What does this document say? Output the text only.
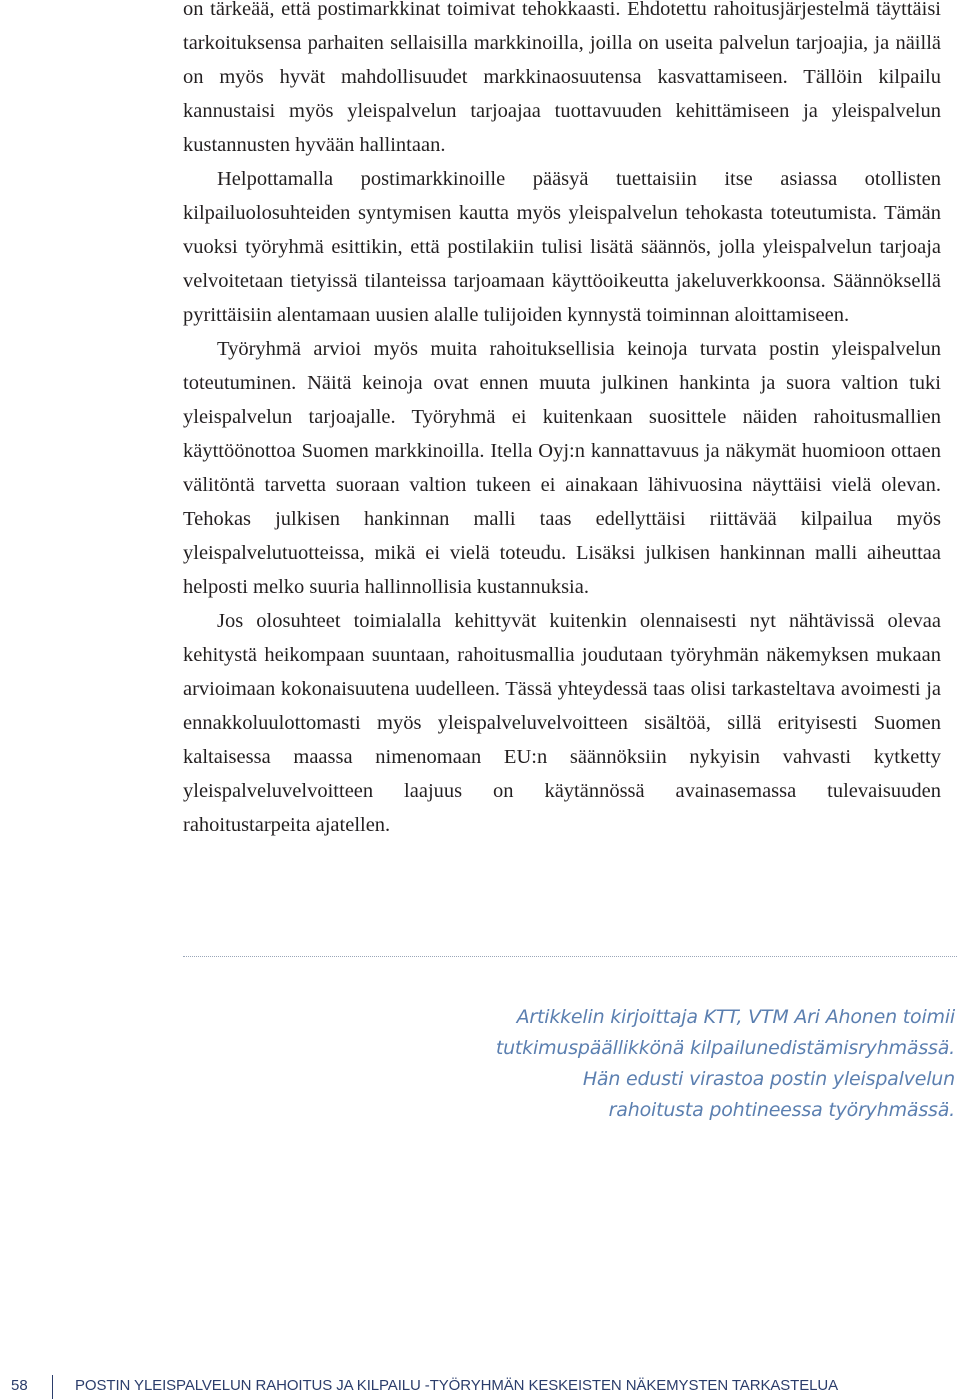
on tärkeää, että postimarkkinat toimivat tehokkaasti. Ehdotettu rahoitusjärjestelmä täyttäisi tarkoituksensa parhaiten sellaisilla markkinoilla, joilla on useita palvelun tarjoajia, ja näillä on myös hyvät mahdollisuudet markkinaosuutensa kasvattamiseen. Tällöin kilpailu kannustaisi myös yleispalvelun tarjoajaa tuottavuuden kehittämiseen ja yleispalvelun kustannusten hyvään hallintaan.

Helpottamalla postimarkkinoille pääsyä tuettaisiin itse asiassa otollisten kilpailuolosuhteiden syntymisen kautta myös yleispalvelun tehokasta toteutumista. Tämän vuoksi työryhmä esittikin, että postilakiin tulisi lisätä säännös, jolla yleispalvelun tarjoaja velvoitetaan tietyissä tilanteissa tarjoamaan käyttöoikeutta jakeluverkkoonsa. Säännöksellä pyrittäisiin alentamaan uusien alalle tulijoiden kynnystä toiminnan aloittamiseen.

Työryhmä arvioi myös muita rahoituksellisia keinoja turvata postin yleispalvelun toteutuminen. Näitä keinoja ovat ennen muuta julkinen hankinta ja suora valtion tuki yleispalvelun tarjoajalle. Työryhmä ei kuitenkaan suosittele näiden rahoitusmallien käyttöönottoa Suomen markkinoilla. Itella Oyj:n kannattavuus ja näkymät huomioon ottaen välitöntä tarvetta suoraan valtion tukeen ei ainakaan lähivuosina näyttäisi vielä olevan. Tehokas julkisen hankinnan malli taas edellyttäisi riittävää kilpailua myös yleispalvelutuotteissa, mikä ei vielä toteudu. Lisäksi julkisen hankinnan malli aiheuttaa helposti melko suuria hallinnollisia kustannuksia.

Jos olosuhteet toimialalla kehittyvät kuitenkin olennaisesti nyt nähtävissä olevaa kehitystä heikompaan suuntaan, rahoitusmallia joudutaan työryhmän näkemyksen mukaan arvioimaan kokonaisuutena uudelleen. Tässä yhteydessä taas olisi tarkasteltava avoimesti ja ennakkoluulottomasti myös yleispalveluvelvoitteen sisältöä, sillä erityisesti Suomen kaltaisessa maassa nimenomaan EU:n säännöksiin nykyisin vahvasti kytketty yleispalveluvelvoitteen laajuus on käytännössä avainasemassa tulevaisuuden rahoitustarpeita ajatellen.

Artikkelin kirjoittaja KTT, VTM Ari Ahonen toimii
tutkimuspäällikkönä kilpailunedistämisryhmässä.
Hän edusti virastoa postin yleispalvelun
rahoitusta pohtineessa työryhmässä.
58	POSTIN YLEISPALVELUN RAHOITUS JA KILPAILU -TYÖRYHMÄN KESKEISTEN NÄKEMYSTEN TARKASTELUA
